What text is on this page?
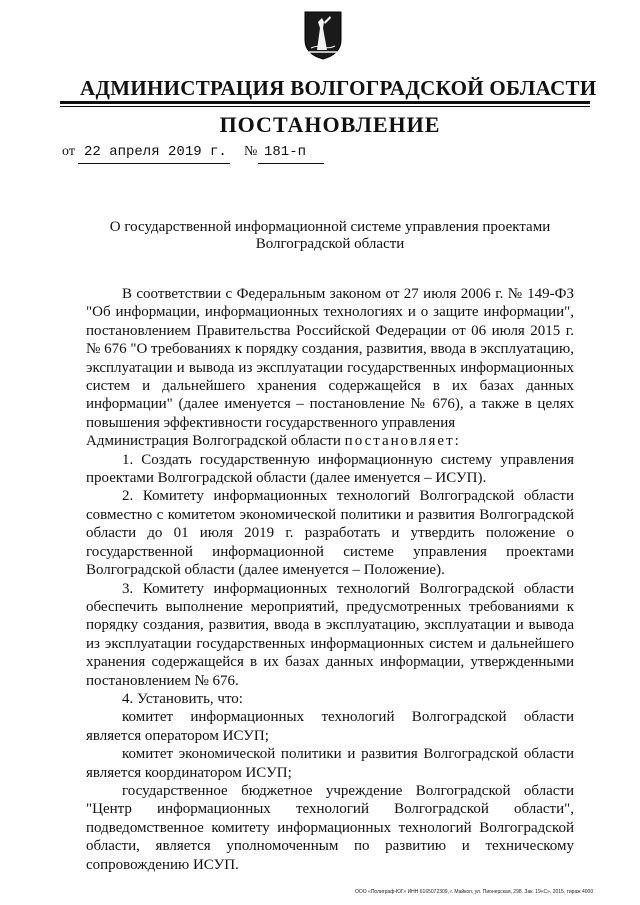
АДМИНИСТРАЦИЯ ВОЛГОГРАДСКОЙ ОБЛАСТИ
ПОСТАНОВЛЕНИЕ
от 22 апреля 2019 г. № 181-п
О государственной информационной системе управления проектами
Волгоградской области

В соответствии с Федеральным законом от 27 июля 2006 г. № 149-ФЗ "Об информации, информационных технологиях и о защите информации", постановлением Правительства Российской Федерации от 06 июля 2015 г. № 676 "О требованиях к порядку создания, развития, ввода в эксплуатацию, эксплуатации и вывода из эксплуатации государственных информационных систем и дальнейшего хранения содержащейся в их базах данных информации" (далее именуется – постановление № 676), а также в целях повышения эффективности государственного управления

Администрация Волгоградской области постановляет:

1. Создать государственную информационную систему управления проектами Волгоградской области (далее именуется – ИСУП).

2. Комитету информационных технологий Волгоградской области совместно с комитетом экономической политики и развития Волгоградской области до 01 июля 2019 г. разработать и утвердить положение о государственной информационной системе управления проектами Волгоградской области (далее именуется – Положение).

3. Комитету информационных технологий Волгоградской области обеспечить выполнение мероприятий, предусмотренных требованиями к порядку создания, развития, ввода в эксплуатацию, эксплуатации и вывода из эксплуатации государственных информационных систем и дальнейшего хранения содержащейся в их базах данных информации, утвержденными постановлением № 676.

4. Установить, что:

комитет информационных технологий Волгоградской области является оператором ИСУП;

комитет экономической политики и развития Волгоградской области является координатором ИСУП;

государственное бюджетное учреждение Волгоградской области "Центр информационных технологий Волгоградской области", подведомственное комитету информационных технологий Волгоградской области, является уполномоченным по развитию и техническому сопровождению ИСУП.

ООО «Полиграф-ЮГ» ИНН 6165072309, г. Майкоп, ул. Пионерская, 298. Зак. 19«С», 2015, тираж 4000
